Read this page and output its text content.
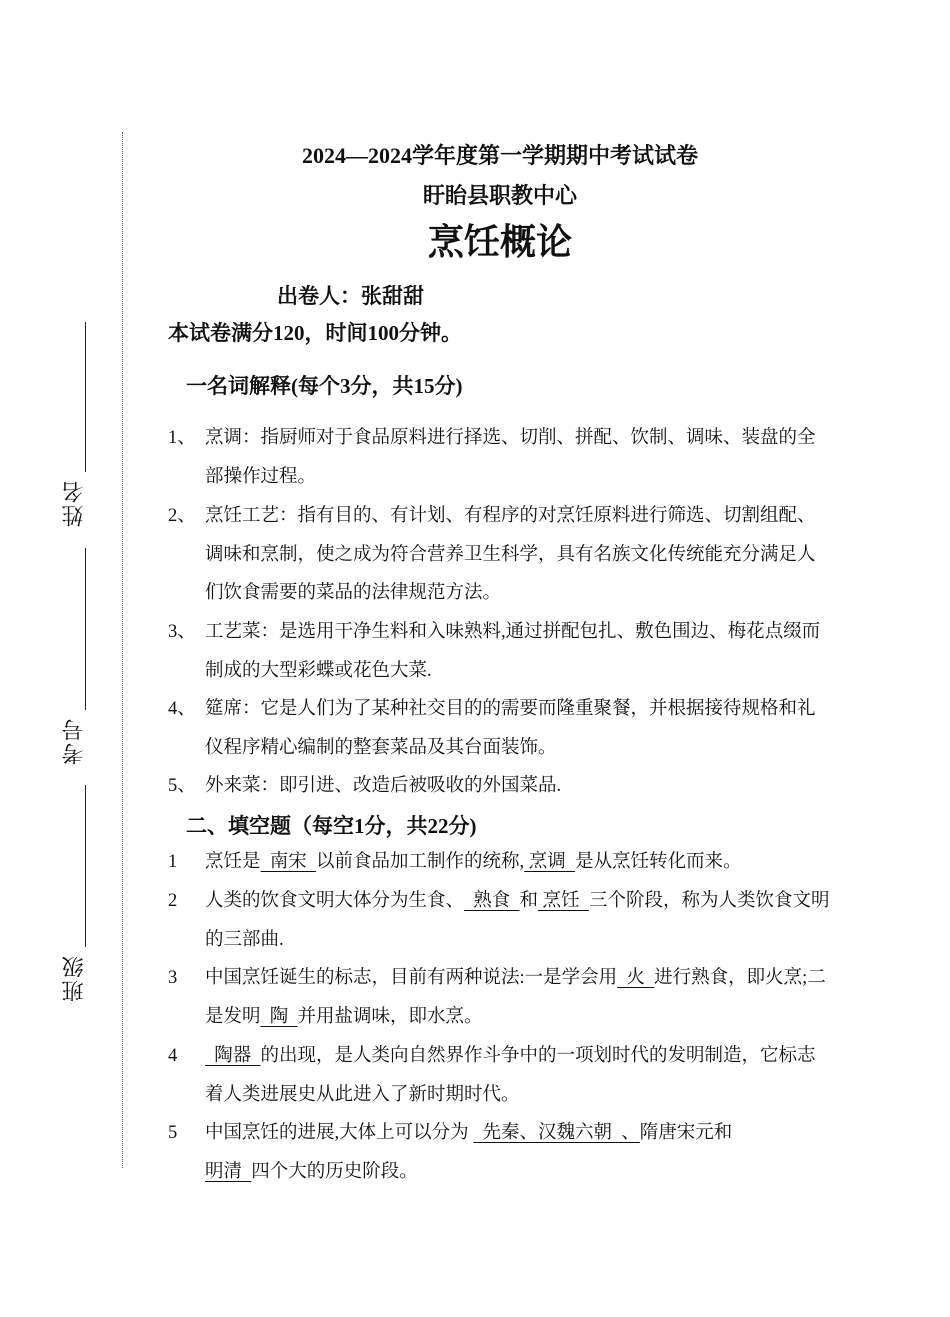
姓名
考号
班级
2024—2024学年度第一学期期中考试试卷
盱眙县职教中心
烹饪概论
出卷人：张甜甜
本试卷满分120，时间100分钟。
一名词解释(每个3分，共15分)
1、 烹调：指厨师对于食品原料进行择选、切削、拼配、饮制、调味、装盘的全部操作过程。
2、 烹饪工艺：指有目的、有计划、有程序的对烹饪原料进行筛选、切割组配、调味和烹制，使之成为符合营养卫生科学，具有名族文化传统能充分满足人们饮食需要的菜品的法律规范方法。
3、 工艺菜：是选用干净生料和入味熟料,通过拼配包扎、敷色围边、梅花点缀而制成的大型彩蝶或花色大菜.
4、 筵席：它是人们为了某种社交目的的需要而隆重聚餐，并根据接待规格和礼仪程序精心编制的整套菜品及其台面装饰。
5、 外来菜：即引进、改造后被吸收的外国菜品.
二、填空题（每空1分，共22分)
1	烹饪是  南宋  以前食品加工制作的统称, 烹调  是从烹饪转化而来。
2	人类的饮食文明大体分为生食、  熟食  和 烹饪  三个阶段，称为人类饮食文明的三部曲.
3	中国烹饪诞生的标志，目前有两种说法:一是学会用  火  进行熟食，即火烹;二是发明  陶  并用盐调味，即水烹。
4	陶器  的出现，是人类向自然界作斗争中的一项划时代的发明制造，它标志着人类进展史从此进入了新时期时代。
5	中国烹饪的进展,大体上可以分为   先秦、汉魏六朝  、隋唐宋元和
明清  四个大的历史阶段。
